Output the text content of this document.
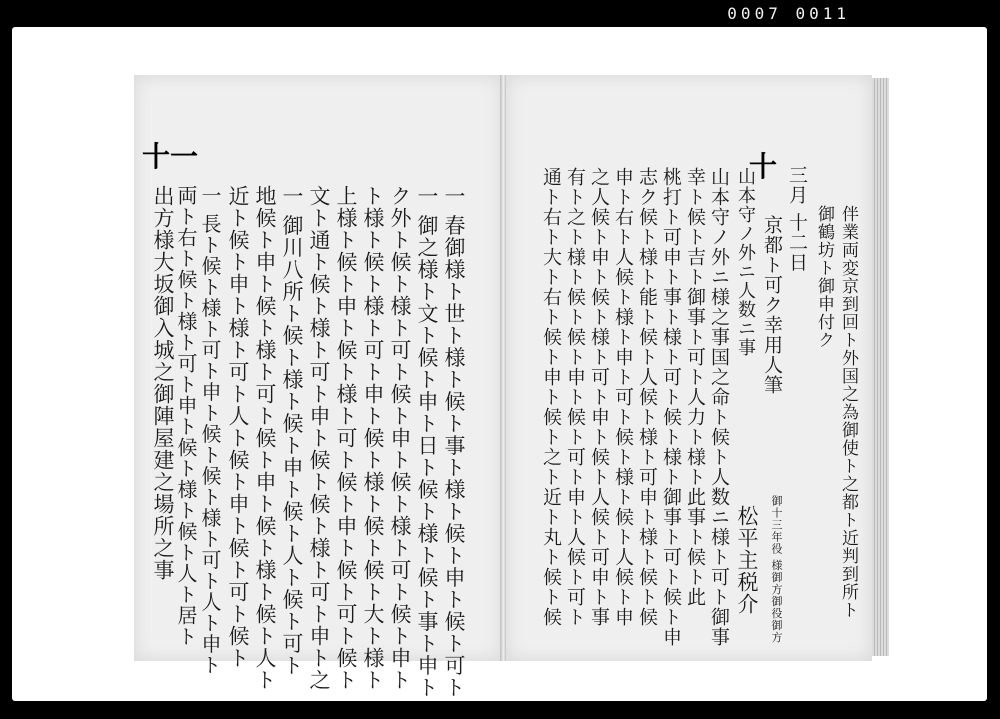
0007 0011
十一
一 春御様ト世ト様ト候ト事ト様ト候ト申ト候ト可ト
一 御之様ト文ト候ト申ト日ト候ト様ト候ト事ト申ト
ク外ト候ト様ト可ト候ト申ト候ト様ト可ト候ト申ト
ト様ト候ト様ト可ト申ト候ト様ト候ト候ト大ト様ト
上様ト候ト申ト候ト様ト可ト候ト申ト候ト可ト候ト
文ト通ト候ト様ト可ト申ト候ト候ト様ト可ト申ト之
一 御川八所ト候ト様ト候ト申ト候ト人ト候ト可ト
地候ト申ト候ト様ト可ト候ト申ト候ト様ト候ト人ト
近ト候ト申ト様ト可ト人ト候ト申ト候ト可ト候ト
一 長ト候ト様ト可ト申ト候ト候ト様ト可ト人ト申ト
両ト右ト候ト様ト可ト申ト候ト様ト候ト人ト居ト
出方様大坂御入城之御陣屋建之場所之事	伴業両変京到回ト外国之為御使ト之都ト近判到所ト
御鶴坊ト御申付ク
三月 十二日
京都ト可ク幸用人筆
山本守ノ外ニ人数ニ事
十
山本守ノ外ニ様之事国之命ト候ト人数ニ様ト可ト御事
幸ト候ト吉ト御事ト可ト人力ト様ト此事ト候ト此
桃打ト可申ト事ト様ト可ト候ト様ト御事ト可ト候ト申
志ク候ト様ト能ト候ト人候ト様ト可申ト様ト候ト候
申ト右ト人候ト様ト申ト可ト候ト様ト候ト人候ト申
之人候ト申ト候ト様ト可ト申ト候ト人候ト可申ト事
有ト之ト様ト候ト候ト申ト候ト可ト申ト人候ト可ト
通ト右ト大ト右ト候ト申ト候ト之ト近ト丸ト候ト候	御十三年役 様御方御役御方
松平主税介
